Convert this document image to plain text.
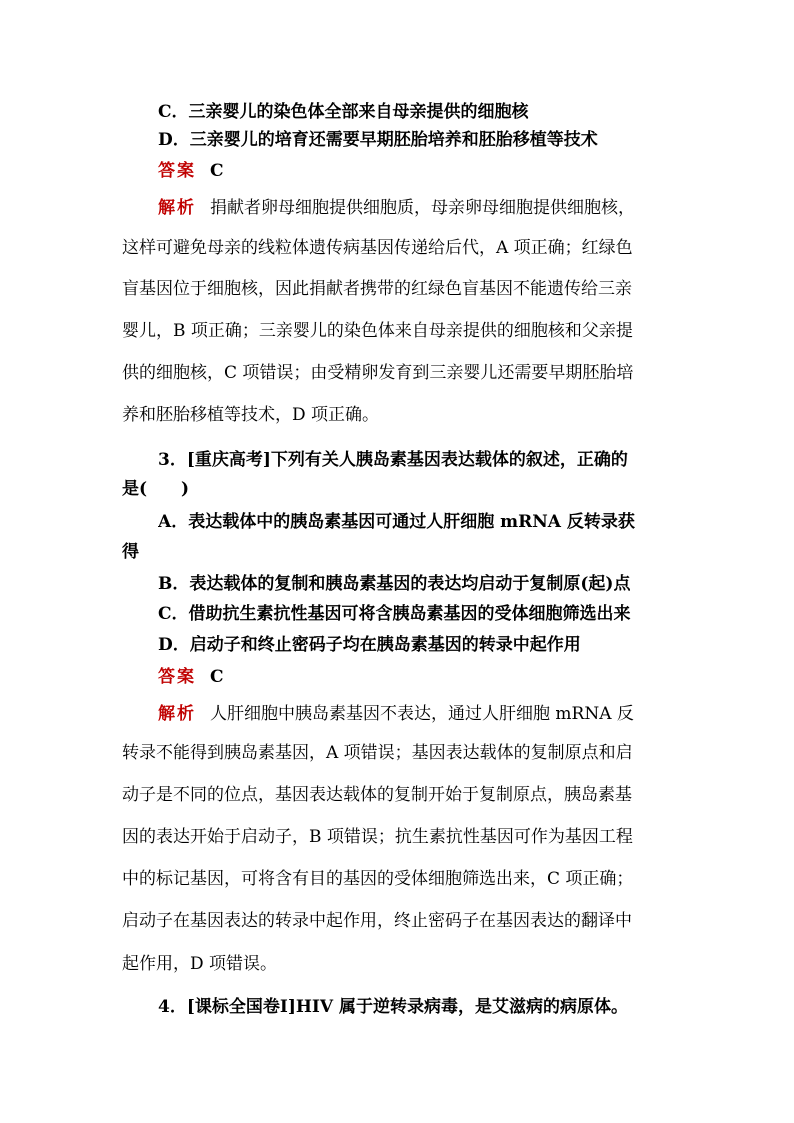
C．三亲婴儿的染色体全部来自母亲提供的细胞核
D．三亲婴儿的培育还需要早期胚胎培养和胚胎移植等技术
答案 C
解析 捐献者卵母细胞提供细胞质，母亲卵母细胞提供细胞核，
这样可避免母亲的线粒体遗传病基因传递给后代，A 项正确；红绿色
盲基因位于细胞核，因此捐献者携带的红绿色盲基因不能遗传给三亲
婴儿，B 项正确；三亲婴儿的染色体来自母亲提供的细胞核和父亲提
供的细胞核，C 项错误；由受精卵发育到三亲婴儿还需要早期胚胎培
养和胚胎移植等技术，D 项正确。
3．[重庆高考]下列有关人胰岛素基因表达载体的叙述，正确的
是(　　)
A．表达载体中的胰岛素基因可通过人肝细胞 mRNA 反转录获
得
B．表达载体的复制和胰岛素基因的表达均启动于复制原(起)点
C．借助抗生素抗性基因可将含胰岛素基因的受体细胞筛选出来
D．启动子和终止密码子均在胰岛素基因的转录中起作用
答案 C
解析 人肝细胞中胰岛素基因不表达，通过人肝细胞 mRNA 反
转录不能得到胰岛素基因，A 项错误；基因表达载体的复制原点和启
动子是不同的位点，基因表达载体的复制开始于复制原点，胰岛素基
因的表达开始于启动子，B 项错误；抗生素抗性基因可作为基因工程
中的标记基因，可将含有目的基因的受体细胞筛选出来，C 项正确；
启动子在基因表达的转录中起作用，终止密码子在基因表达的翻译中
起作用，D 项错误。
4．[课标全国卷Ⅰ]HIV 属于逆转录病毒，是艾滋病的病原体。
